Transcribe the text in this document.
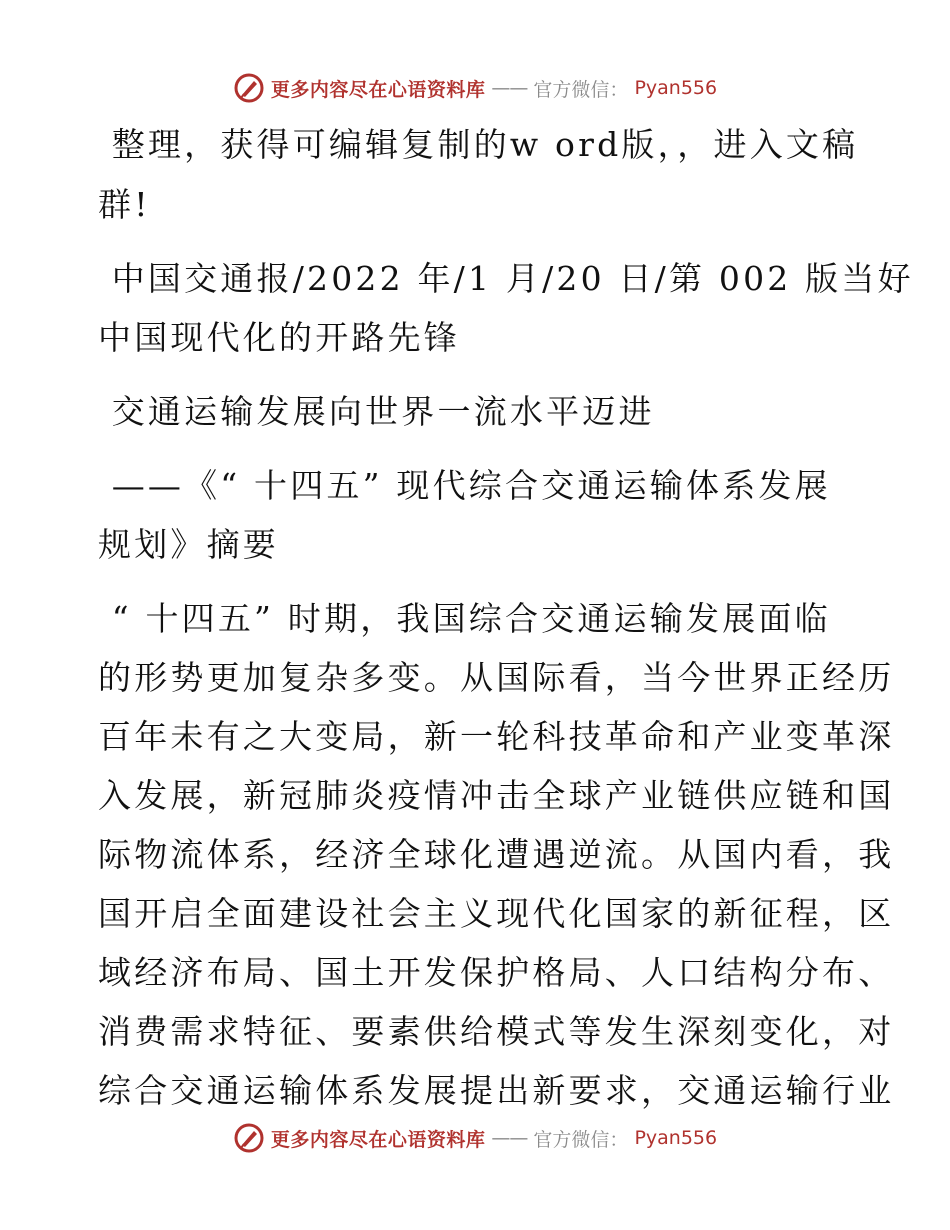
更多内容尽在心语资料库 —— 官方微信： Pyan556
整理，获得可编辑复制的w ord版，，进入文稿
群!
中国交通报/2022 年/1 月/20 日/第 002 版当好
中国现代化的开路先锋
交通运输发展向世界一流水平迈进
——《“ 十四五” 现代综合交通运输体系发展
规划》摘要
“ 十四五” 时期，我国综合交通运输发展面临
的形势更加复杂多变。从国际看，当今世界正经历
百年未有之大变局，新一轮科技革命和产业变革深
入发展，新冠肺炎疫情冲击全球产业链供应链和国
际物流体系，经济全球化遭遇逆流。从国内看，我
国开启全面建设社会主义现代化国家的新征程，区
域经济布局、国土开发保护格局、人口结构分布、
消费需求特征、要素供给模式等发生深刻变化，对
综合交通运输体系发展提出新要求，交通运输行业
更多内容尽在心语资料库 —— 官方微信： Pyan556
